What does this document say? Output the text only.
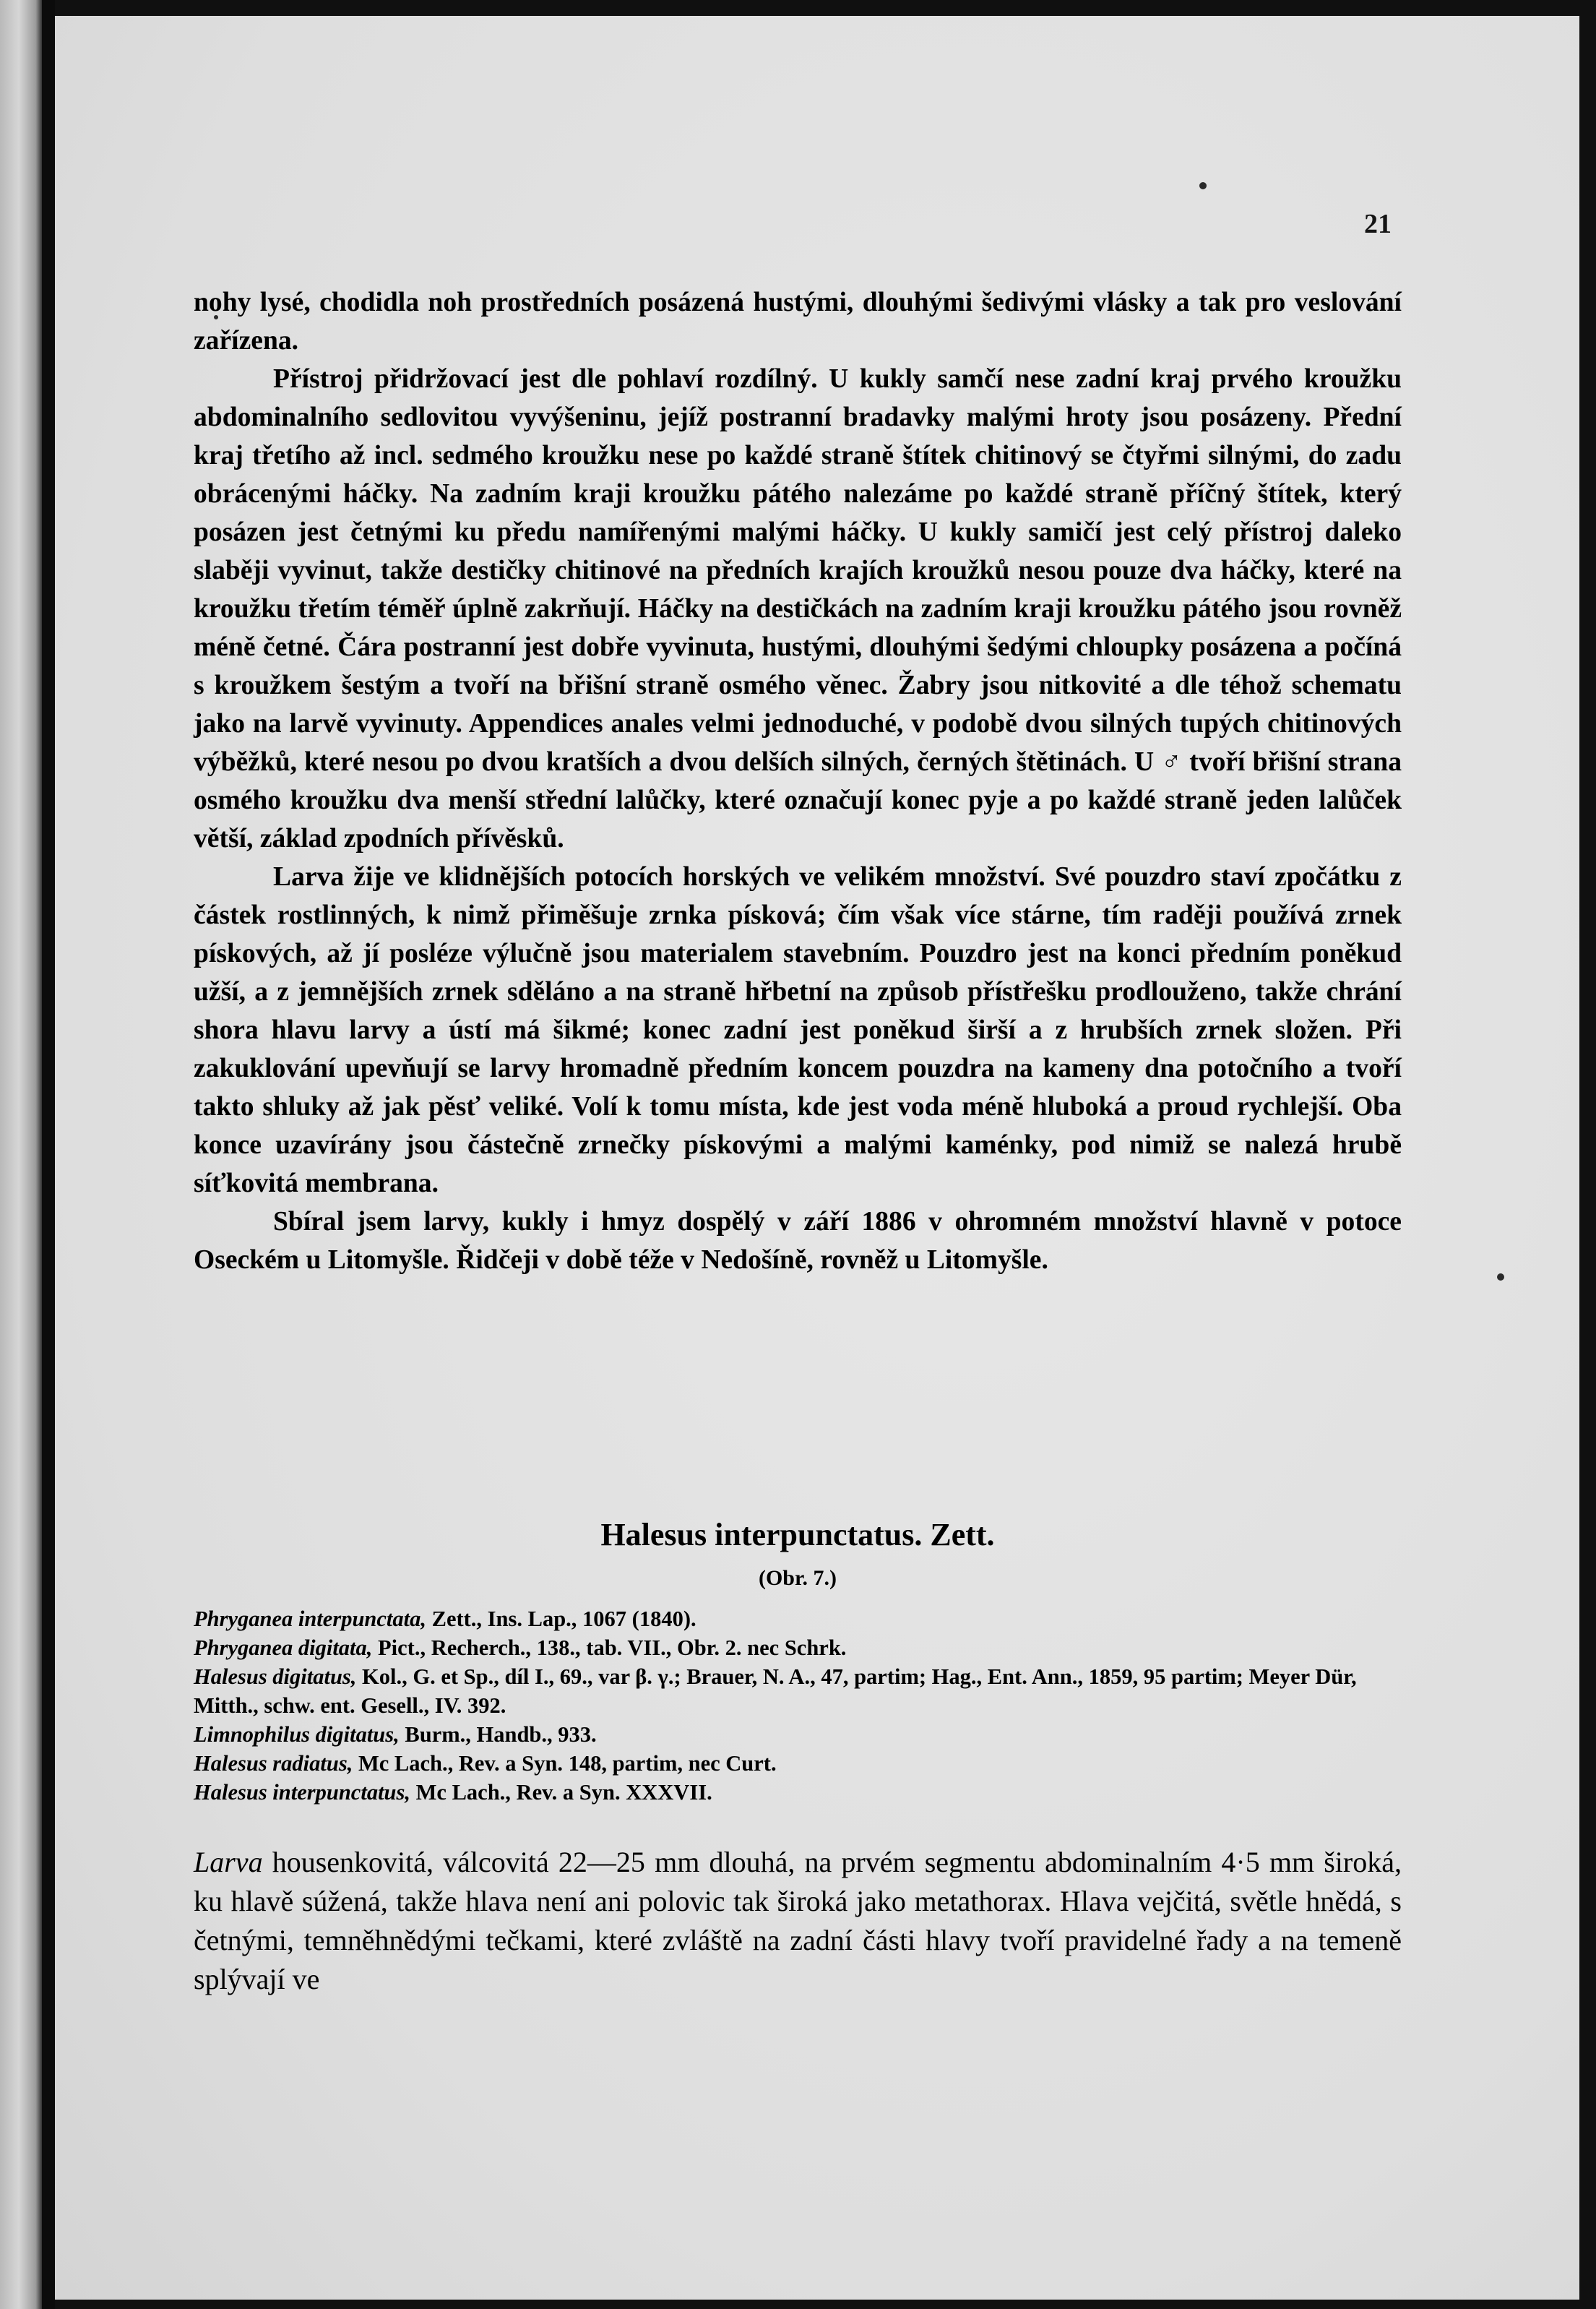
21

nohy lysé, chodidla noh prostředních posázená hustými, dlouhými šedivými vlásky a tak pro veslování zařízena.

Přístroj přidržovací jest dle pohlaví rozdílný. U kukly samčí nese zadní kraj prvého kroužku abdominalního sedlovitou vyvýšeninu, jejíž postranní bradavky malými hroty jsou posázeny. Přední kraj třetího až incl. sedmého kroužku nese po každé straně štítek chitinový se čtyřmi silnými, do zadu obrácenými háčky. Na zadním kraji kroužku pátého nalezáme po každé straně příčný štítek, který posázen jest četnými ku předu namířenými malými háčky. U kukly samičí jest celý přístroj daleko slaběji vyvinut, takže destičky chitinové na předních krajích kroužků nesou pouze dva háčky, které na kroužku třetím téměř úplně zakrňují. Háčky na destičkách na zadním kraji kroužku pátého jsou rovněž méně četné. Čára postranní jest dobře vyvinuta, hustými, dlouhými šedými chloupky posázena a počíná s kroužkem šestým a tvoří na břišní straně osmého věnec. Žabry jsou nitkovité a dle téhož schematu jako na larvě vyvinuty. Appendices anales velmi jednoduché, v podobě dvou silných tupých chitinových výběžků, které nesou po dvou kratších a dvou delších silných, černých štětinách. U ♂ tvoří břišní strana osmého kroužku dva menší střední lalůčky, které označují konec pyje a po každé straně jeden lalůček větší, základ zpodních přívěsků.

Larva žije ve klidnějších potocích horských ve velikém množství. Své pouzdro staví zpočátku z částek rostlinných, k nimž přiměšuje zrnka písková; čím však více stárne, tím raději používá zrnek pískových, až jí posléze výlučně jsou materialem stavebním. Pouzdro jest na konci předním poněkud užší, a z jemnějších zrnek sděláno a na straně hřbetní na způsob přístřešku prodlouženo, takže chrání shora hlavu larvy a ústí má šikmé; konec zadní jest poněkud širší a z hrubších zrnek složen. Při zakuklování upevňují se larvy hromadně předním koncem pouzdra na kameny dna potočního a tvoří takto shluky až jak pěsť veliké. Volí k tomu místa, kde jest voda méně hluboká a proud rychlejší. Oba konce uzavírány jsou částečně zrnečky pískovými a malými kaménky, pod nimiž se nalezá hrubě síťkovitá membrana.

Sbíral jsem larvy, kukly i hmyz dospělý v září 1886 v ohromném množství hlavně v potoce Oseckém u Litomyšle. Řidčeji v době téže v Nedošíně, rovněž u Litomyšle.

Halesus interpunctatus. Zett.
(Obr. 7.)
Phryganea interpunctata, Zett., Ins. Lap., 1067 (1840).
Phryganea digitata, Pict., Recherch., 138., tab. VII., Obr. 2. nec Schrk.
Halesus digitatus, Kol., G. et Sp., díl I., 69., var β. γ.; Brauer, N. A., 47, partim; Hag., Ent. Ann., 1859, 95 partim; Meyer Dür, Mitth., schw. ent. Gesell., IV. 392.
Limnophilus digitatus, Burm., Handb., 933.
Halesus radiatus, Mc Lach., Rev. a Syn. 148, partim, nec Curt.
Halesus interpunctatus, Mc Lach., Rev. a Syn. XXXVII.

Larva housenkovitá, válcovitá 22—25 mm dlouhá, na prvém segmentu abdominalním 4·5 mm široká, ku hlavě súžená, takže hlava není ani polovic tak široká jako metathorax. Hlava vejčitá, světle hnědá, s četnými, temněhnědými tečkami, které zvláště na zadní části hlavy tvoří pravidelné řady a na temeně splývají ve
